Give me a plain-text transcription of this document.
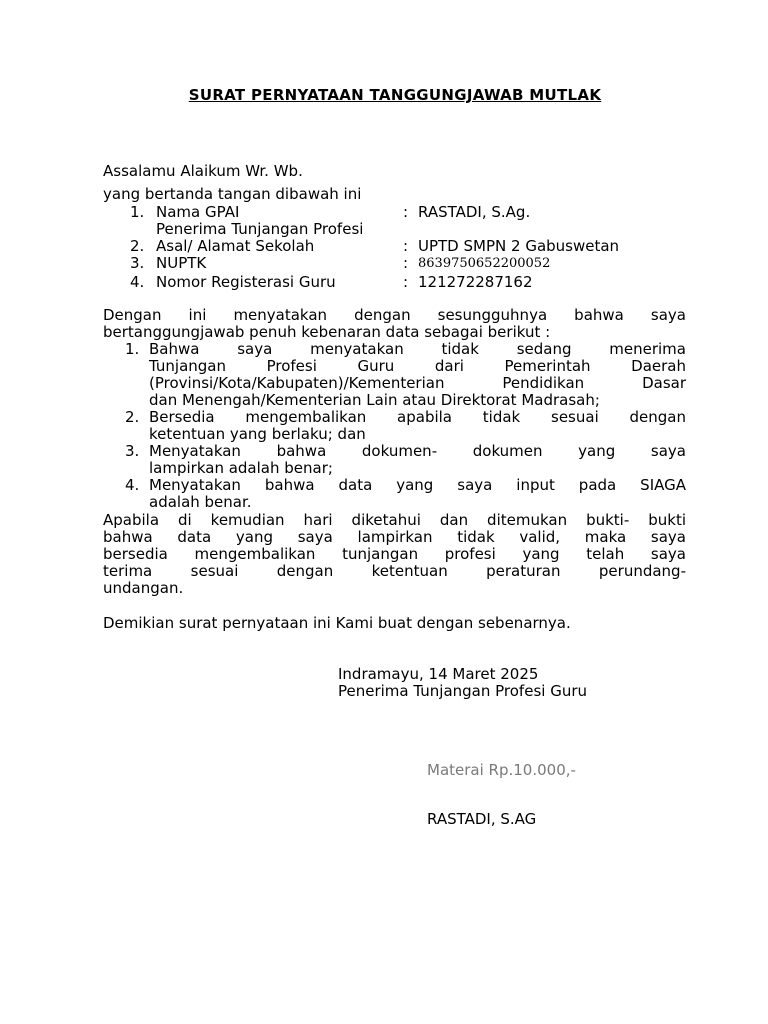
SURAT PERNYATAAN TANGGUNGJAWAB MUTLAK
Assalamu Alaikum Wr. Wb.
yang bertanda tangan dibawah ini
1. Nama GPAI	: RASTADI, S.Ag.
Penerima Tunjangan Profesi
2. Asal/ Alamat Sekolah	: UPTD SMPN 2 Gabuswetan
3. NUPTK	: 8639750652200052
4. Nomor Registerasi Guru	: 121272287162
Dengan ini menyatakan dengan sesungguhnya bahwa saya
bertanggungjawab penuh kebenaran data sebagai berikut :
1. Bahwa saya menyatakan tidak sedang menerima
Tunjangan Profesi Guru dari Pemerintah Daerah
(Provinsi/Kota/Kabupaten)/Kementerian Pendidikan Dasar
dan Menengah/Kementerian Lain atau Direktorat Madrasah;
2. Bersedia mengembalikan apabila tidak sesuai dengan
ketentuan yang berlaku; dan
3. Menyatakan bahwa dokumen- dokumen yang saya
lampirkan adalah benar;
4. Menyatakan bahwa data yang saya input pada SIAGA
adalah benar.
Apabila di kemudian hari diketahui dan ditemukan bukti- bukti
bahwa data yang saya lampirkan tidak valid, maka saya
bersedia mengembalikan tunjangan profesi yang telah saya
terima sesuai dengan ketentuan peraturan perundang-
undangan.
Demikian surat pernyataan ini Kami buat dengan sebenarnya.
Indramayu, 14 Maret 2025
Penerima Tunjangan Profesi Guru
Materai Rp.10.000,-
RASTADI, S.AG
